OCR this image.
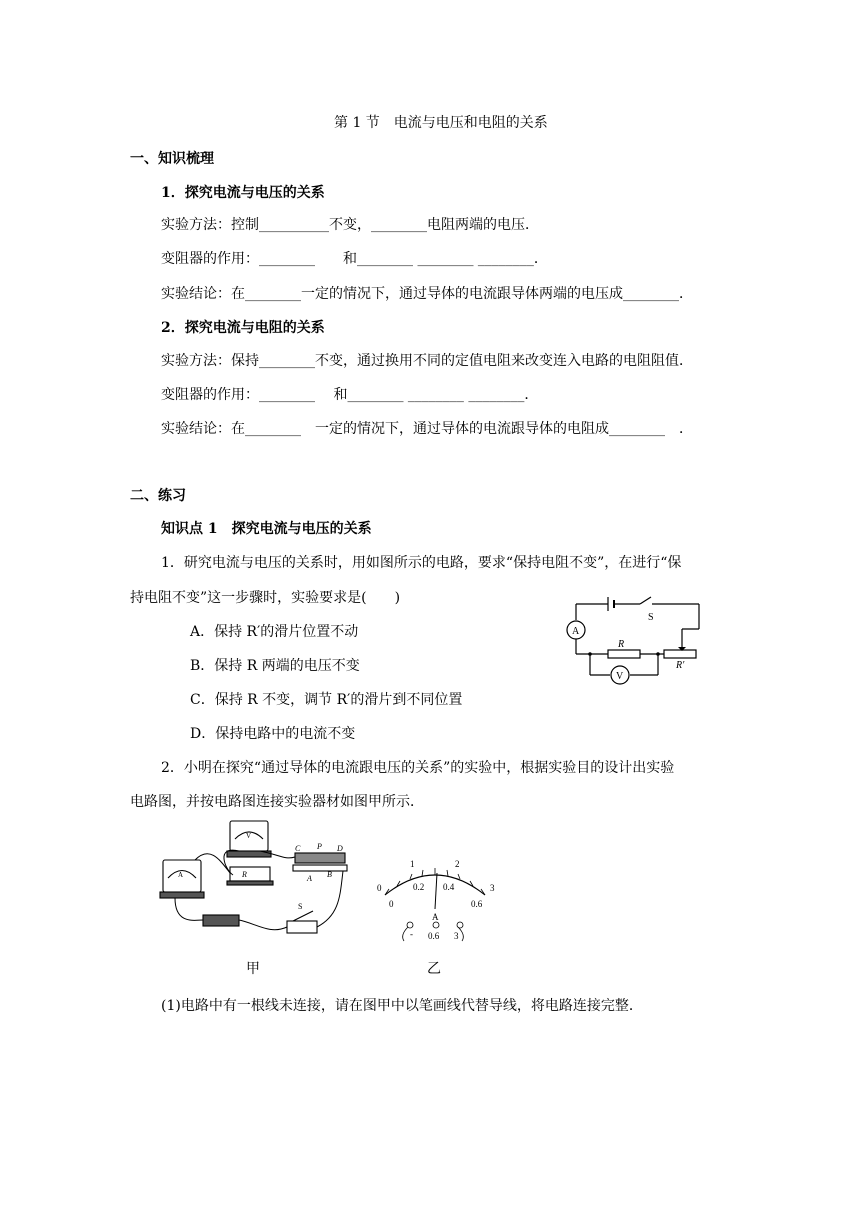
第 1 节　电流与电压和电阻的关系
一、知识梳理
1．探究电流与电压的关系
实验方法：控制__________不变，________电阻两端的电压．
变阻器的作用：________　　和________ ________ ________．
实验结论：在________一定的情况下，通过导体的电流跟导体两端的电压成________．
2．探究电流与电阻的关系
实验方法：保持________不变，通过换用不同的定值电阻来改变连入电路的电阻阻值．
变阻器的作用：________　 和________ ________ ________．
实验结论：在________　一定的情况下，通过导体的电流跟导体的电阻成________　．
二、练习
知识点 1　探究电流与电压的关系
1．研究电流与电压的关系时，用如图所示的电路，要求“保持电阻不变”，在进行“保
持电阻不变”这一步骤时，实验要求是(　　)
A．保持 R′的滑片位置不动
B．保持 R 两端的电压不变
C．保持 R 不变，调节 R′的滑片到不同位置
D．保持电路中的电流不变
A
V
S
R
R′
2．小明在探究“通过导体的电流跟电压的关系”的实验中，根据实验目的设计出实验
电路图，并按电路图连接实验器材如图甲所示．
A
V
R
C P D
A B
S
甲
0
1	2
3
0
0.2 0.4
0.6
A
- 0.6 3
乙
(1)电路中有一根线未连接，请在图甲中以笔画线代替导线，将电路连接完整．
